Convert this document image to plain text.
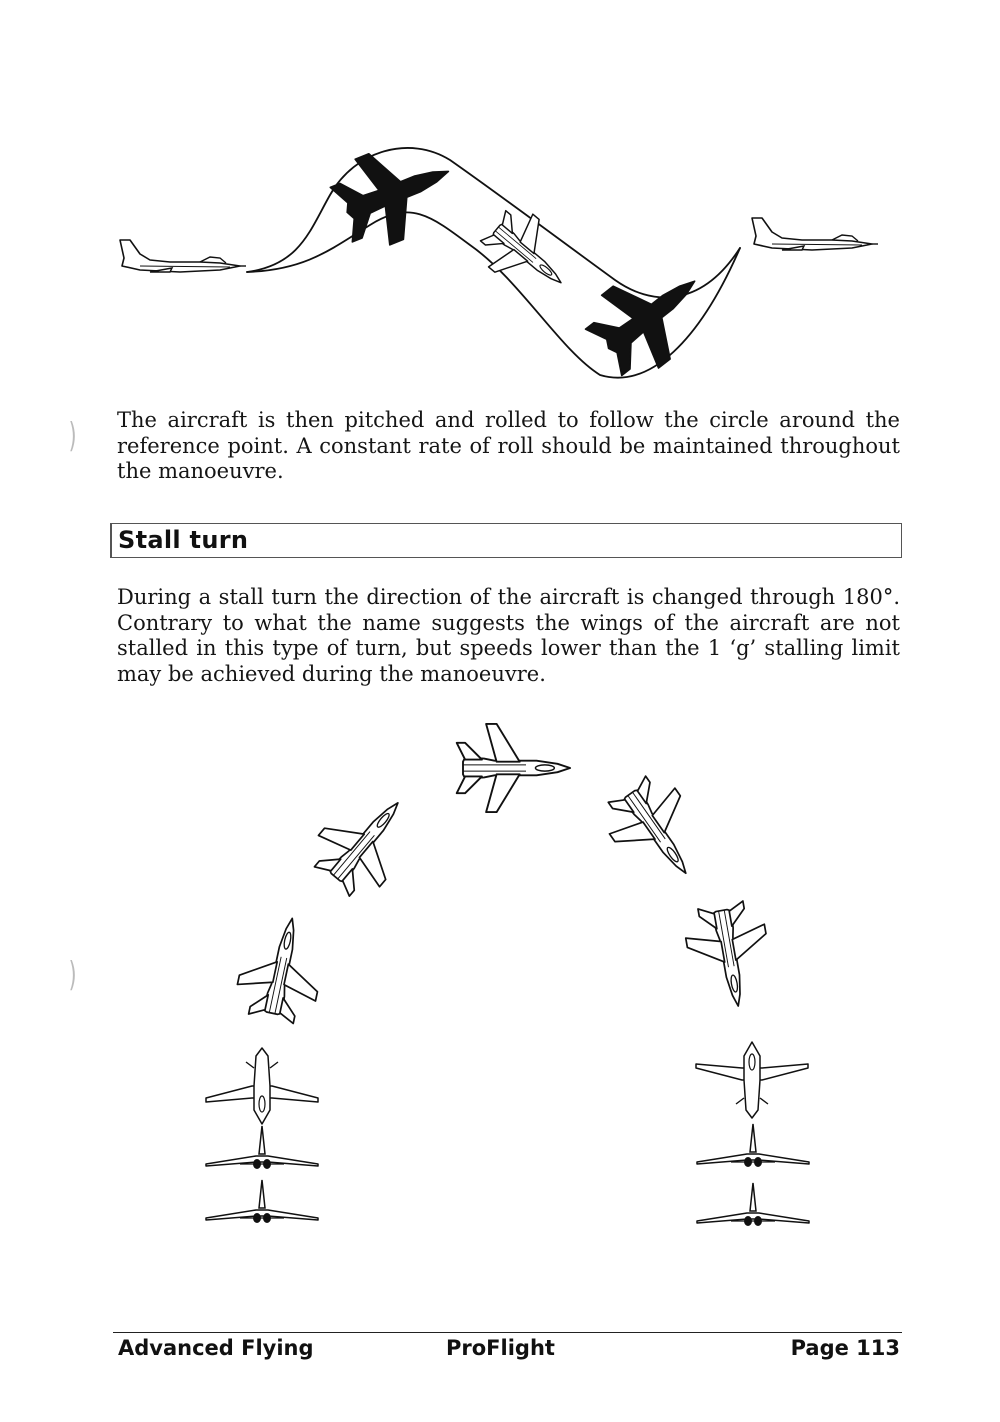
)
)
The aircraft is then pitched and rolled to follow the circle around the reference point. A constant rate of roll should be maintained throughout the manoeuvre.
Stall turn
During a stall turn the direction of the aircraft is changed through 180°. Contrary to what the name suggests the wings of the aircraft are not stalled in this type of turn, but speeds lower than the 1 ‘g’ stalling limit may be achieved during the manoeuvre.
Advanced Flying	ProFlight	Page 113
